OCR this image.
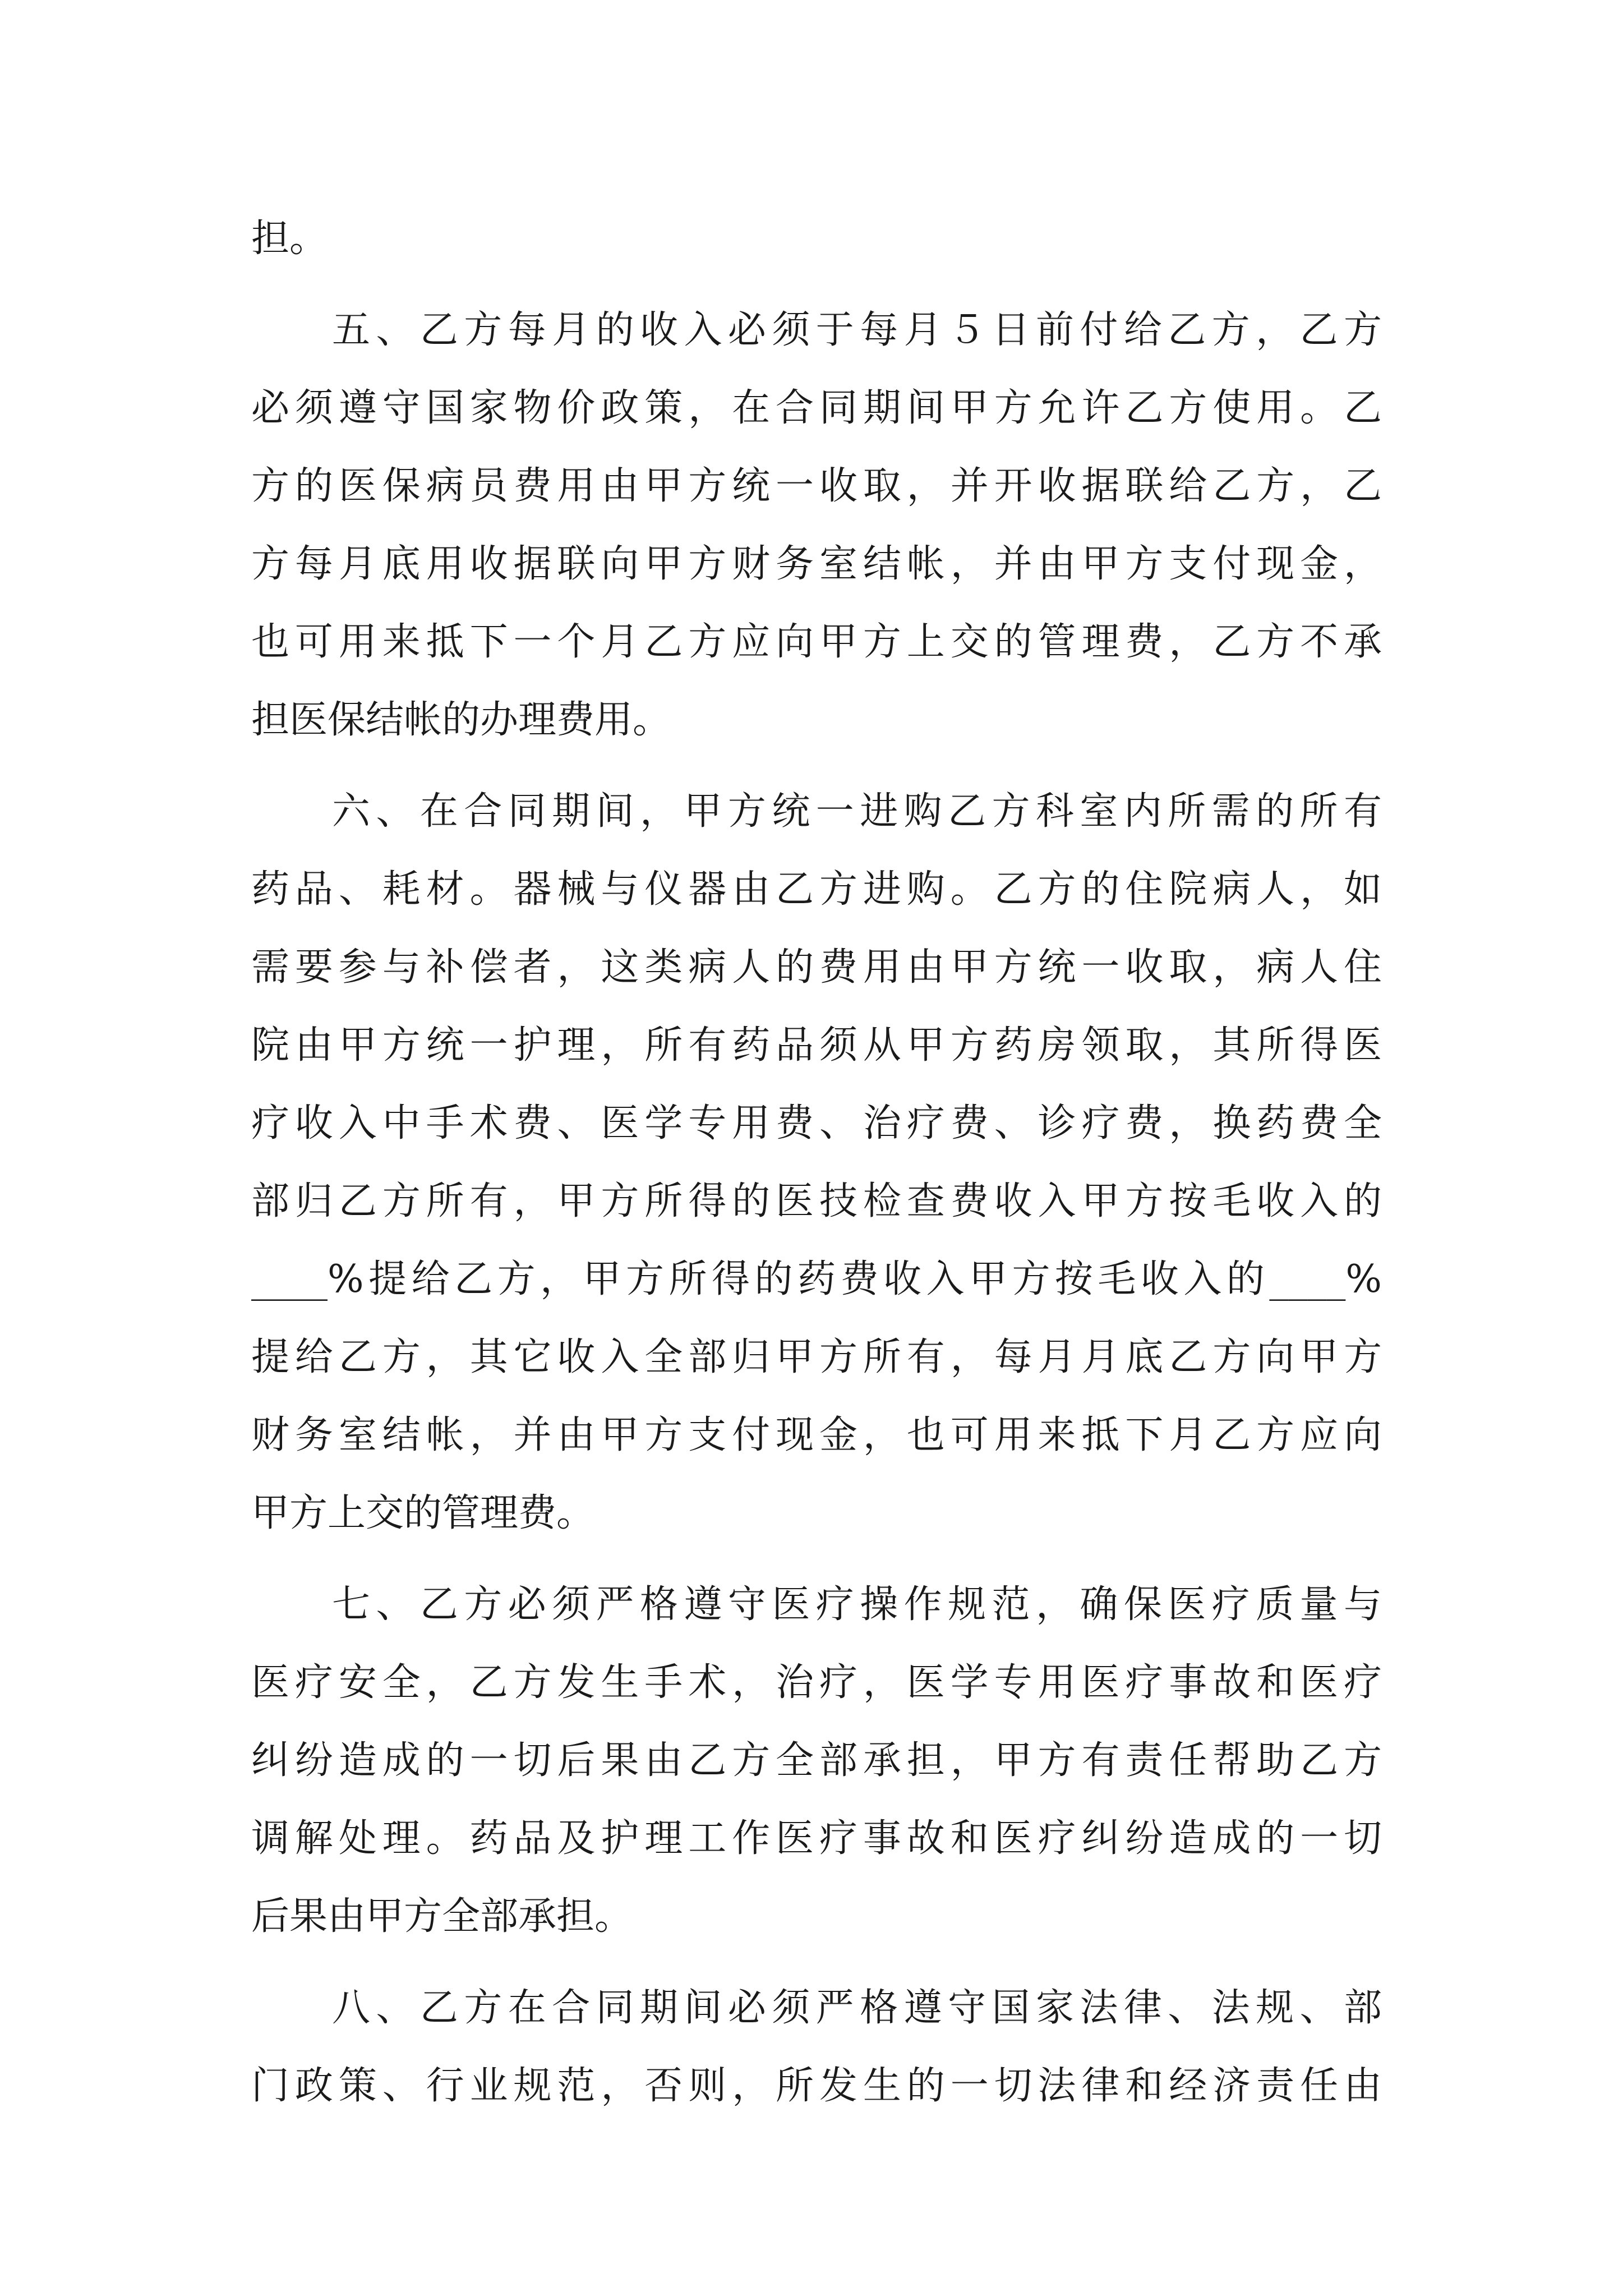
担。
五、乙方每月的收入必须于每月５日前付给乙方，乙方
必须遵守国家物价政策，在合同期间甲方允许乙方使用。乙
方的医保病员费用由甲方统一收取，并开收据联给乙方，乙
方每月底用收据联向甲方财务室结帐，并由甲方支付现金，
也可用来抵下一个月乙方应向甲方上交的管理费，乙方不承
担医保结帐的办理费用。
六、在合同期间，甲方统一进购乙方科室内所需的所有
药品、耗材。器械与仪器由乙方进购。乙方的住院病人，如
需要参与补偿者，这类病人的费用由甲方统一收取，病人住
院由甲方统一护理，所有药品须从甲方药房领取，其所得医
疗收入中手术费、医学专用费、治疗费、诊疗费，换药费全
部归乙方所有，甲方所得的医技检查费收入甲方按毛收入的
____%提给乙方，甲方所得的药费收入甲方按毛收入的____%
提给乙方，其它收入全部归甲方所有，每月月底乙方向甲方
财务室结帐，并由甲方支付现金，也可用来抵下月乙方应向
甲方上交的管理费。
七、乙方必须严格遵守医疗操作规范，确保医疗质量与
医疗安全，乙方发生手术，治疗，医学专用医疗事故和医疗
纠纷造成的一切后果由乙方全部承担，甲方有责任帮助乙方
调解处理。药品及护理工作医疗事故和医疗纠纷造成的一切
后果由甲方全部承担。
八、乙方在合同期间必须严格遵守国家法律、法规、部
门政策、行业规范，否则，所发生的一切法律和经济责任由
